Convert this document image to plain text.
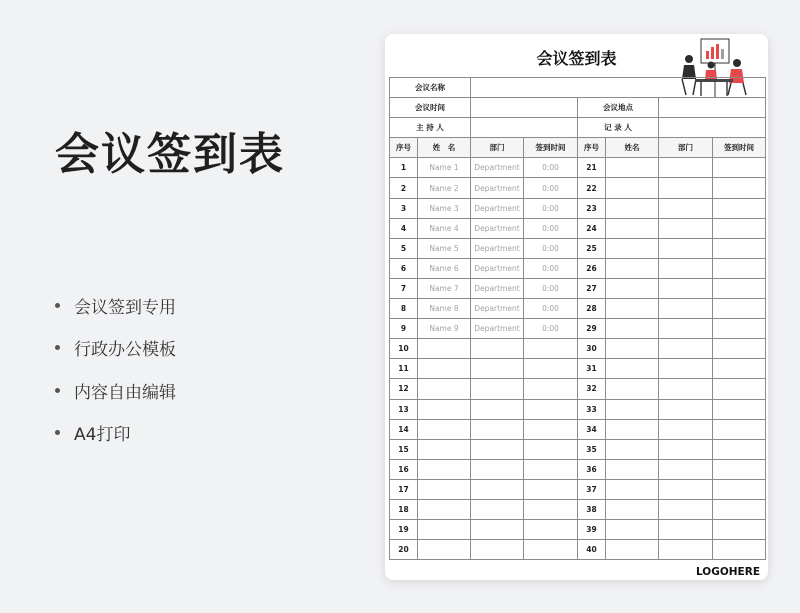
会议签到表
会议签到专用
行政办公模板
内容自由编辑
A4打印
会议签到表
会议名称							
会议时间				会议地点			
主 持 人				记 录 人			
序号	姓　名	部门	签到时间	序号	姓名	部门	签到时间
1	Name 1	Department	0:00	21			
2	Name 2	Department	0:00	22			
3	Name 3	Department	0:00	23			
4	Name 4	Department	0:00	24			
5	Name 5	Department	0:00	25			
6	Name 6	Department	0:00	26			
7	Name 7	Department	0:00	27			
8	Name 8	Department	0:00	28			
9	Name 9	Department	0:00	29			
10				30			
11				31			
12				32			
13				33			
14				34			
15				35			
16				36			
17				37			
18				38			
19				39			
20				40			
LOGOHERE
